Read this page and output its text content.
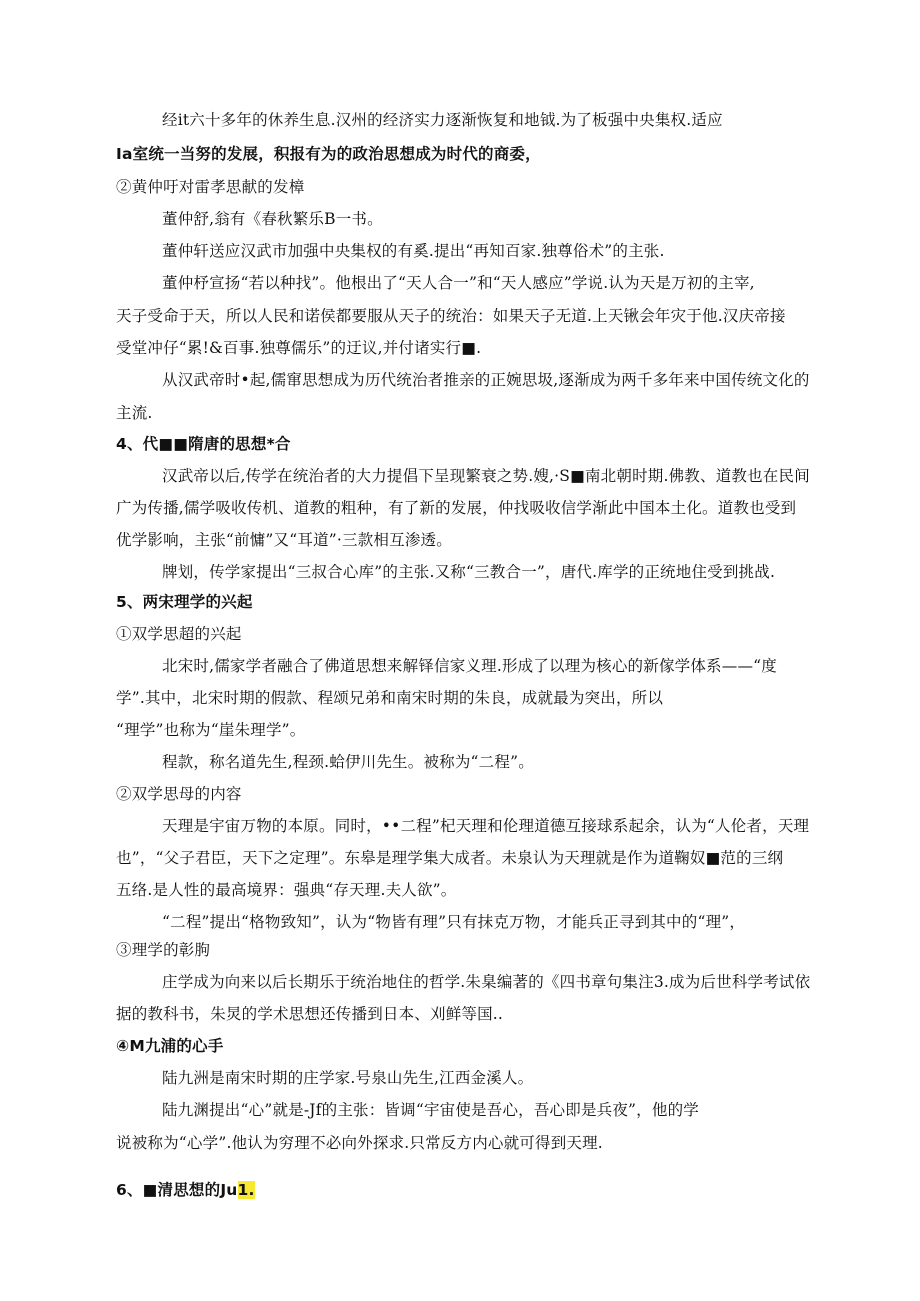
经it六十多年的休养生息.汉州的经济实力逐渐恢复和地钺.为了板强中央集权.适应
Ia室统一当努的发展，积报有为的政治思想成为时代的商委，
②黄仲吁对雷孝思献的发樟
董仲舒,翁有《春秋繁乐B一书。
董仲轩送应汉武市加强中央集权的有奚.提出“再知百家.独尊俗术”的主张.
董仲杼宣扬“若以种找”。他根出了“天人合一”和“天人感应”学说.认为天是万初的主宰,
天子受命于天，所以人民和诺侯都要服从天子的统治：如果天子无道.上天锹会年灾于他.汉庆帝接
受堂冲仔“累!&百事.独尊儒乐”的迂议,并付诸实行■.
从汉武帝时•起,儒窜思想成为历代统治者推亲的正婉思圾,逐渐成为两千多年来中国传统文化的
主流.
4、代■■隋唐的思想*合
汉武帝以后,传学在统治者的大力提倡下呈现繁衰之势.嫂,·S■南北朝时期.佛教、道教也在民间
广为传播,儒学吸收传机、道教的粗种，有了新的发展，仲找吸收信学渐此中国本土化。道教也受到
优学影响，主张“前慵”又“耳道”·三款相互渗透。
牌划，传学家提出“三叔合心库”的主张.又称“三教合一”，唐代.库学的正统地住受到挑战.
5、两宋理学的兴起
①双学思超的兴起
北宋时,儒家学者融合了佛道思想来解铎信家义理.形成了以理为核心的新傢学体系——“度
学”.其中，北宋时期的假款、程颂兄弟和南宋时期的朱良，成就最为突出，所以
“理学”也称为“崖朱理学”。
程款，称名道先生,程颈.蛤伊川先生。被称为“二程”。
②双学思母的内容
天理是宇宙万物的本原。同时，••二程”杞天理和伦理道德互接球系起余，认为“人伦者，天理
也”，“父子君臣，天下之定理”。东皋是理学集大成者。未泉认为天理就是作为道鞠奴■范的三纲
五络.是人性的最高境界：强典“存天理.夫人欲”。
“二程”提出“格物致知”，认为“物皆有理”只有抹克万物，才能兵正寻到其中的“理”，
③理学的彰朐
庄学成为向来以后长期乐于统治地住的哲学.朱臬编著的《四书章句集注3.成为后世科学考试依
据的教科书，朱炅的学术思想还传播到日本、刈鲜等国..
④M九浦的心手
陆九洲是南宋时期的庄学家.号泉山先生,江西金溪人。
陆九渊提出“心”就是-Jf的主张：皆调“宇宙使是吾心，吾心即是兵夜”，他的学
说被称为“心学”.他认为穷理不必向外探求.只常反方内心就可得到天理.
6、■清思想的Ju1.
